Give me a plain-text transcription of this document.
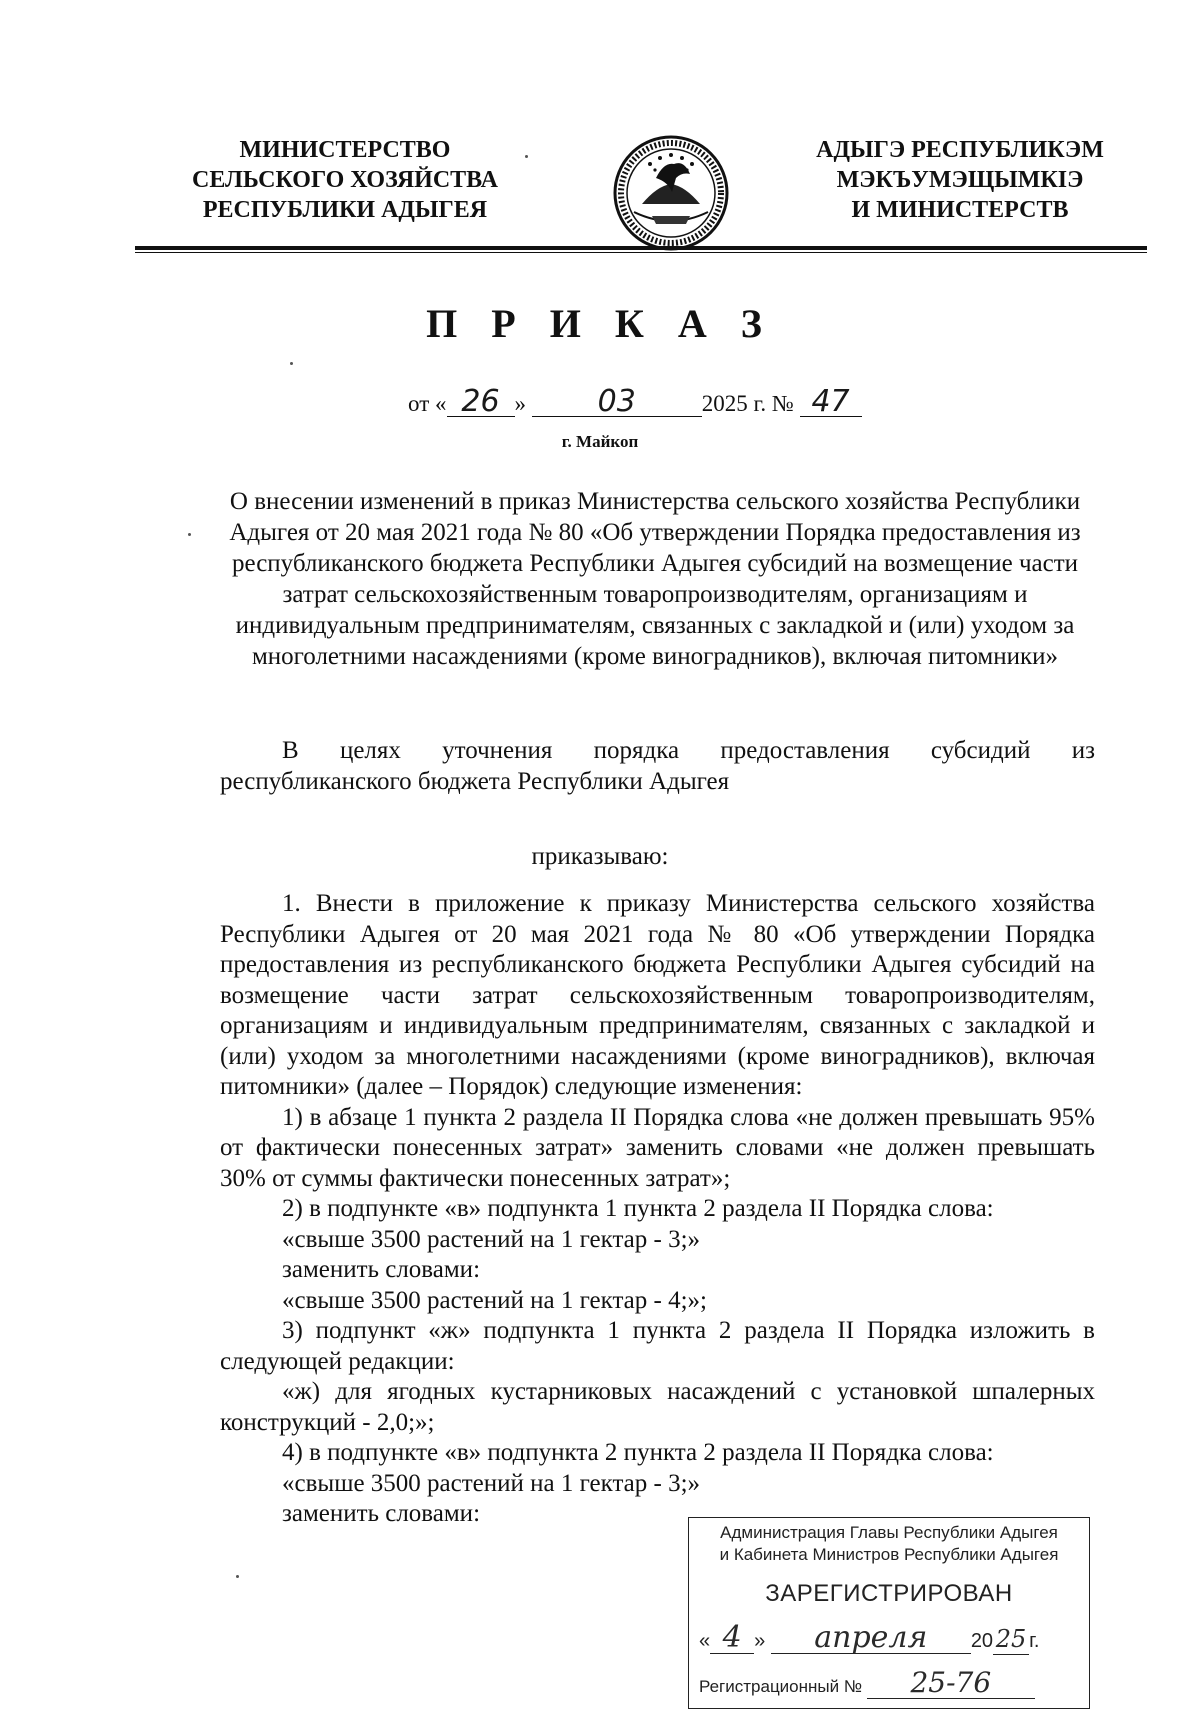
МИНИСТЕРСТВО
СЕЛЬСКОГО ХОЗЯЙСТВА
РЕСПУБЛИКИ АДЫГЕЯ
АДЫГЭ РЕСПУБЛИКЭМ
МЭКЪУМЭЩЫМКIЭ
И МИНИСТЕРСТВ
П Р И К А З
от « 26 » 03	2025 г. № 47
г. Майкоп
О внесении изменений в приказ Министерства сельского хозяйства Республики Адыгея от 20 мая 2021 года № 80 «Об утверждении Порядка предоставления из республиканского бюджета Республики Адыгея субсидий на возмещение части затрат сельскохозяйственным товаропроизводителям, организациям и индивидуальным предпринимателям, связанных с закладкой и (или) уходом за многолетними насаждениями (кроме виноградников), включая питомники»
В целях уточнения порядка предоставления субсидий из
республиканского бюджета Республики Адыгея
приказываю:

1. Внести в приложение к приказу Министерства сельского хозяйства Республики Адыгея от 20 мая 2021 года № 80 «Об утверждении Порядка предоставления из республиканского бюджета Республики Адыгея субсидий на возмещение части затрат сельскохозяйственным товаропроизводителям, организациям и индивидуальным предпринимателям, связанных с закладкой и (или) уходом за многолетними насаждениями (кроме виноградников), включая питомники» (далее – Порядок) следующие изменения:

1) в абзаце 1 пункта 2 раздела II Порядка слова «не должен превышать 95% от фактически понесенных затрат» заменить словами «не должен превышать 30% от суммы фактически понесенных затрат»;

2) в подпункте «в» подпункта 1 пункта 2 раздела II Порядка слова:

«свыше 3500 растений на 1 гектар - 3;»

заменить словами:

«свыше 3500 растений на 1 гектар - 4;»;

3) подпункт «ж» подпункта 1 пункта 2 раздела II Порядка изложить в следующей редакции:

«ж) для ягодных кустарниковых насаждений с установкой шпалерных конструкций - 2,0;»;

4) в подпункте «в» подпункта 2 пункта 2 раздела II Порядка слова:

«свыше 3500 растений на 1 гектар - 3;»

заменить словами:

Администрация Главы Республики Адыгея
и Кабинета Министров Республики Адыгея
ЗАРЕГИСТРИРОВАН
« 4 » апреля 20 25 г.
Регистрационный № 25-76
